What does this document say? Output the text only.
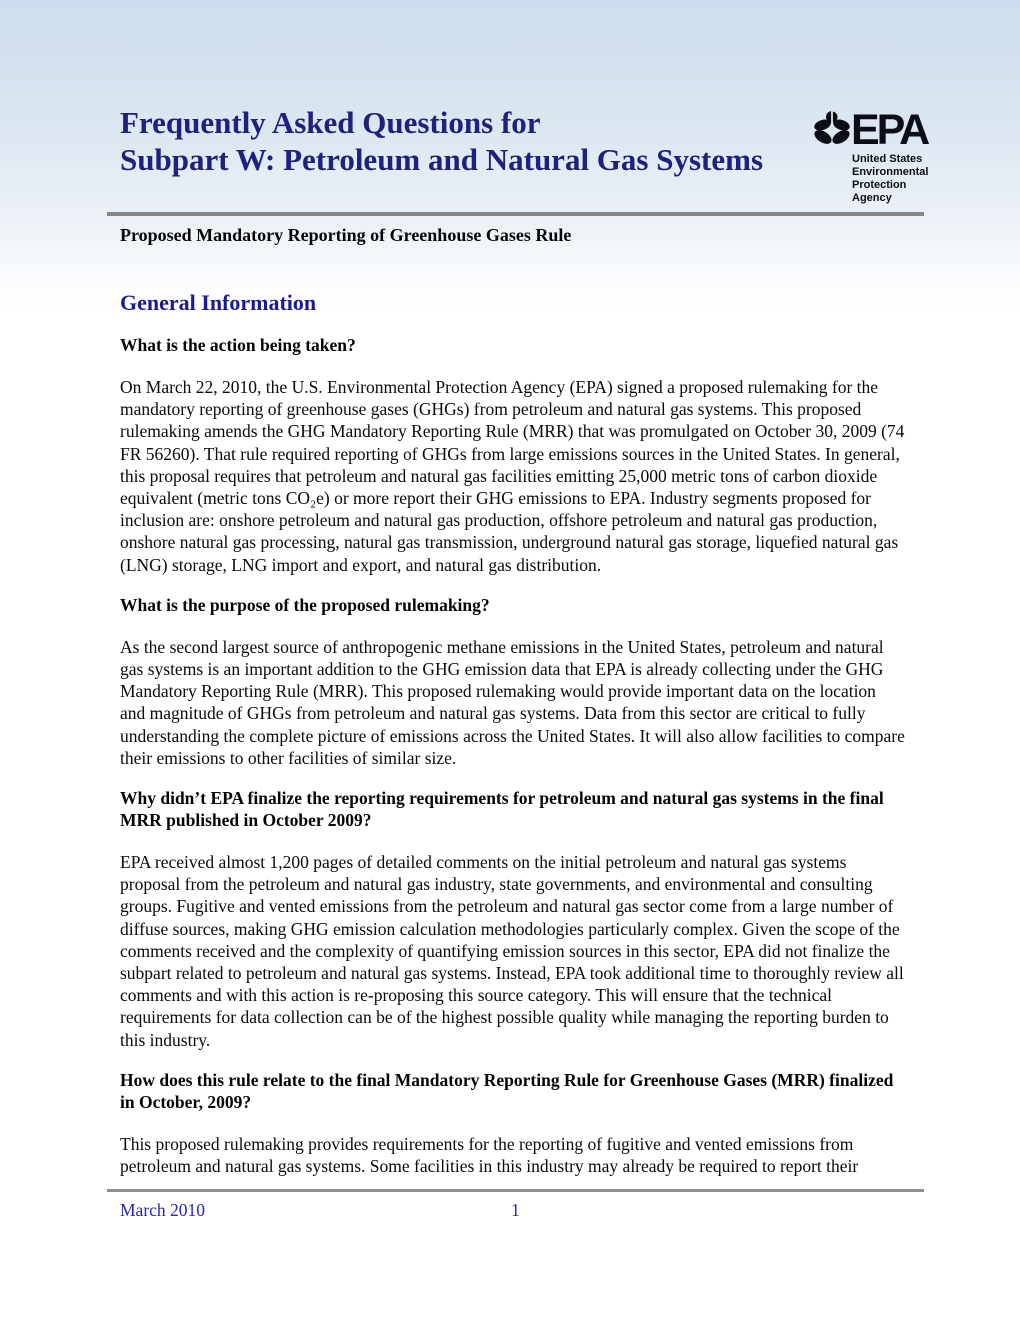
Frequently Asked Questions for
Subpart W: Petroleum and Natural Gas Systems
EPA
United States
Environmental Protection
Agency
Proposed Mandatory Reporting of Greenhouse Gases Rule
General Information
What is the action being taken?
On March 22, 2010, the U.S. Environmental Protection Agency (EPA) signed a proposed rulemaking for the mandatory reporting of greenhouse gases (GHGs) from petroleum and natural gas systems. This proposed rulemaking amends the GHG Mandatory Reporting Rule (MRR) that was promulgated on October 30, 2009 (74 FR 56260). That rule required reporting of GHGs from large emissions sources in the United States. In general, this proposal requires that petroleum and natural gas facilities emitting 25,000 metric tons of carbon dioxide equivalent (metric tons CO₂e) or more report their GHG emissions to EPA. Industry segments proposed for inclusion are: onshore petroleum and natural gas production, offshore petroleum and natural gas production, onshore natural gas processing, natural gas transmission, underground natural gas storage, liquefied natural gas (LNG) storage, LNG import and export, and natural gas distribution.
What is the purpose of the proposed rulemaking?
As the second largest source of anthropogenic methane emissions in the United States, petroleum and natural gas systems is an important addition to the GHG emission data that EPA is already collecting under the GHG Mandatory Reporting Rule (MRR). This proposed rulemaking would provide important data on the location and magnitude of GHGs from petroleum and natural gas systems. Data from this sector are critical to fully understanding the complete picture of emissions across the United States. It will also allow facilities to compare their emissions to other facilities of similar size.
Why didn’t EPA finalize the reporting requirements for petroleum and natural gas systems in the final MRR published in October 2009?
EPA received almost 1,200 pages of detailed comments on the initial petroleum and natural gas systems proposal from the petroleum and natural gas industry, state governments, and environmental and consulting groups. Fugitive and vented emissions from the petroleum and natural gas sector come from a large number of diffuse sources, making GHG emission calculation methodologies particularly complex. Given the scope of the comments received and the complexity of quantifying emission sources in this sector, EPA did not finalize the subpart related to petroleum and natural gas systems. Instead, EPA took additional time to thoroughly review all comments and with this action is re-proposing this source category. This will ensure that the technical requirements for data collection can be of the highest possible quality while managing the reporting burden to this industry.
How does this rule relate to the final Mandatory Reporting Rule for Greenhouse Gases (MRR) finalized in October, 2009?
This proposed rulemaking provides requirements for the reporting of fugitive and vented emissions from petroleum and natural gas systems. Some facilities in this industry may already be required to report their
March 2010	1
